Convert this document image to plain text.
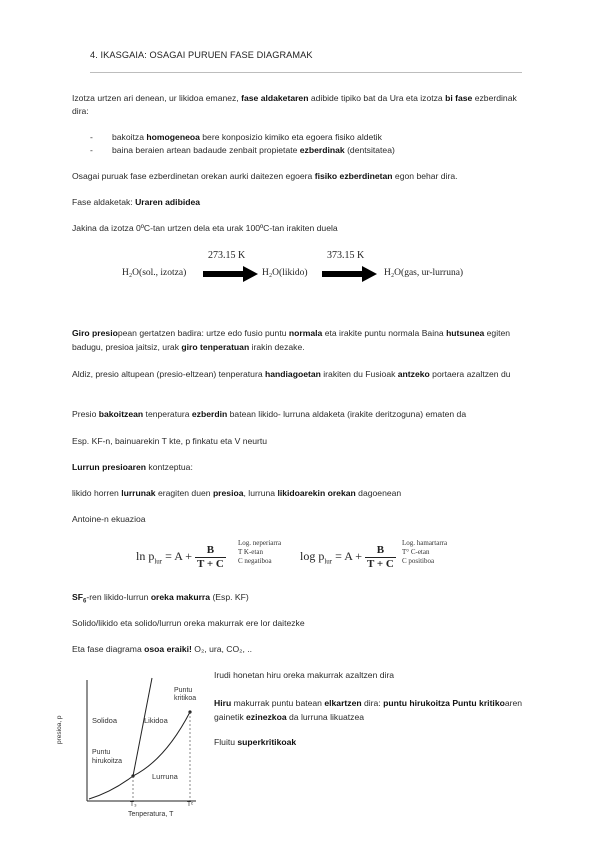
4. IKASGAIA: OSAGAI PURUEN FASE DIAGRAMAK
Izotza urtzen ari denean, ur likidoa emanez, fase aldaketaren adibide tipiko bat da Ura eta izotza bi fase ezberdinak dira:
- bakoitza homogeneoa bere konposizio kimiko eta egoera fisiko aldetik
- baina beraien artean badaude zenbait propietate ezberdinak (dentsitatea)
Osagai puruak fase ezberdinetan orekan aurki daitezen egoera fisiko ezberdinetan egon behar dira.
Fase aldaketak: Uraren adibidea
Jakina da izotza 0ºC-tan urtzen dela eta urak 100ºC-tan irakiten duela
273.15 K	373.15 K
H₂O(sol., izotza)	H₂O(likido)	H₂O(gas, ur-lurruna)
Giro presiopean gertatzen badira: urtze edo fusio puntu normala eta irakite puntu normala Baina hutsunea egiten badugu, presioa jaitsiz, urak giro tenperatuan irakin dezake.
Aldiz, presio altupean (presio-eltzean) tenperatura handiagoetan irakiten du Fusioak antzeko portaera azaltzen du
Presio bakoitzean tenperatura ezberdin batean likido- lurruna aldaketa (irakite deritzoguna) ematen da
Esp. KF-n, bainuarekin T kte, p finkatu eta V neurtu
Lurrun presioaren kontzeptua:
likido horren lurrunak eragiten duen presioa, lurruna likidoarekin orekan dagoenean
Antoine-n ekuazioa
$\ln p_{lur} = A + \frac{B}{T + C}$
Log. neperiarra
T K-etan
C negatiboa	$\log p_{lur} = A + \frac{B}{T + C}$
Log. hamartarra
T° C-etan
C positiboa
$SF_6$-ren likido-lurrun oreka makurra (Esp. KF)
Solido/likido eta solido/lurrun oreka makurrak ere lor daitezke
Eta fase diagrama osoa eraiki! O₂, ura, CO₂, ..
Irudi honetan hiru oreka makurrak azaltzen dira
Hiru makurrak puntu batean elkartzen dira: puntu hirukoitza Puntu kritikoaren gainetik ezinezkoa da lurruna likuatzea
Fluitu superkritikoak
Solidoa	Likidoa
Lurruna
Puntu
kritikoa
Puntu
hirukoitza
presioa, p
Tenperatura, T
T₃	Tᶜ
